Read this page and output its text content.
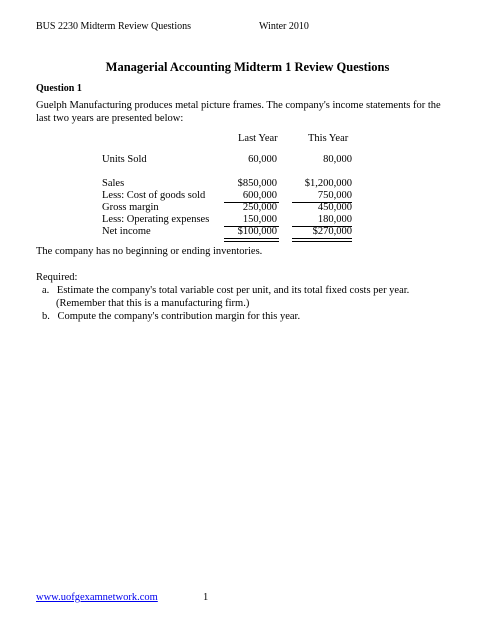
BUS 2230 Midterm Review Questions	Winter 2010
Managerial Accounting Midterm 1 Review Questions
Question 1
Guelph Manufacturing produces metal picture frames. The company's income statements for the last two years are presented below:
Last Year	This Year
Units Sold	60,000	80,000
Sales	$850,000	$1,200,000
Less: Cost of goods sold	600,000	750,000
Gross margin	250,000	450,000
Less: Operating expenses	150,000	180,000
Net income	$100,000	$270,000
The company has no beginning or ending inventories.
Required:
a. Estimate the company's total variable cost per unit, and its total fixed costs per year.
(Remember that this is a manufacturing firm.)
b. Compute the company's contribution margin for this year.
www.uofgexamnetwork.com	1
